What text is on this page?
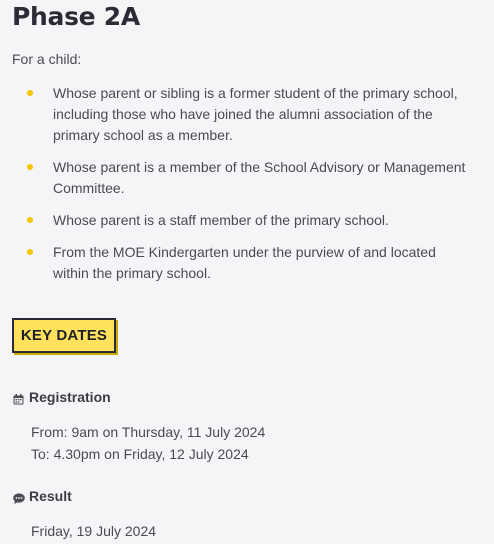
Phase 2A

For a child:

Whose parent or sibling is a former student of the primary school, including those who have joined the alumni association of the primary school as a member.
Whose parent is a member of the School Advisory or Management Committee.
Whose parent is a staff member of the primary school.
From the MOE Kindergarten under the purview of and located within the primary school.
KEY DATES
Registration
From: 9am on Thursday, 11 July 2024
To: 4.30pm on Friday, 12 July 2024
Result
Friday, 19 July 2024
